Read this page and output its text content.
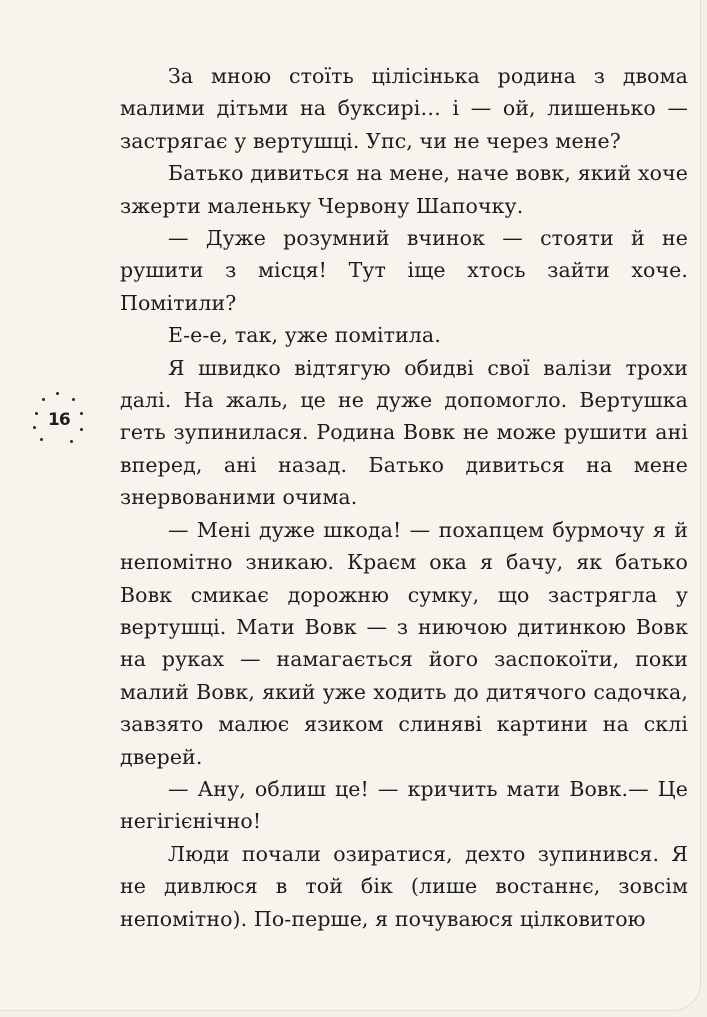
16

За мною стоїть цілісінька родина з двома малими дітьми на буксирі… і — ой, лишенько — застрягає у вертушці. Упс, чи не через мене?

Батько дивиться на мене, наче вовк, який хоче зжерти маленьку Червону Шапочку.

— Дуже розумний вчинок — стояти й не рушити з місця! Тут іще хтось зайти хоче. Помітили?

Е-е-е, так, уже помітила.

Я швидко відтягую обидві свої валізи трохи далі. На жаль, це не дуже допомогло. Вертушка геть зупинилася. Родина Вовк не може рушити ані вперед, ані назад. Батько дивиться на мене знервованими очима.

— Мені дуже шкода! — похапцем бурмочу я й непомітно зникаю. Краєм ока я бачу, як батько Вовк смикає дорожню сумку, що застрягла у вертушці. Мати Вовк — з ниючою дитинкою Вовк на руках — намагається його заспокоїти, поки малий Вовк, який уже ходить до дитячого садочка, завзято малює язиком слиняві картини на склі дверей.

— Ану, облиш це! — кричить мати Вовк.— Це негігієнічно!

Люди почали озиратися, дехто зупинився. Я не дивлюся в той бік (лише востаннє, зовсім непомітно). По-перше, я почуваюся цілковитою
